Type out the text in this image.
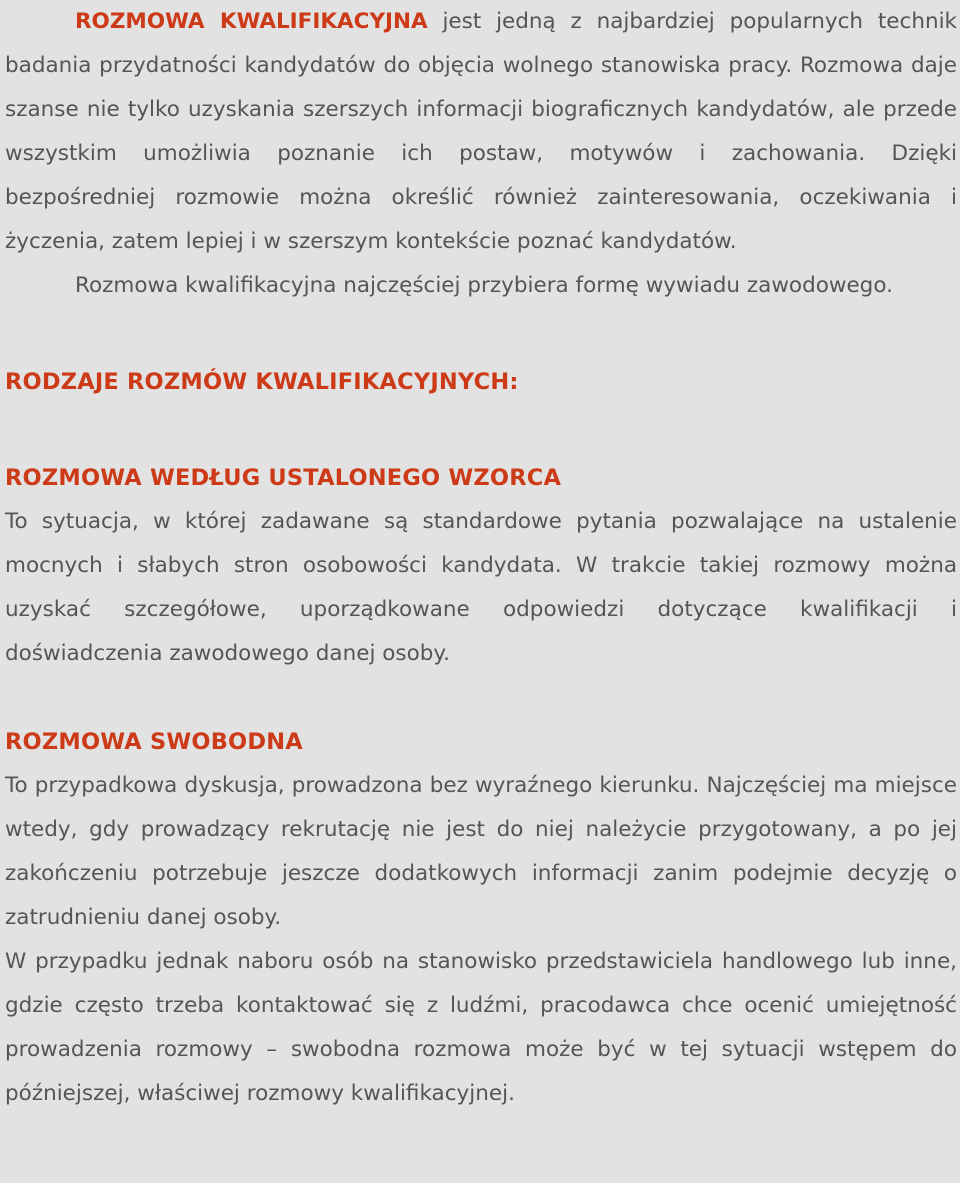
ROZMOWA KWALIFIKACYJNA jest jedną z najbardziej popularnych technik badania przydatności kandydatów do objęcia wolnego stanowiska pracy. Rozmowa daje szanse nie tylko uzyskania szerszych informacji biograficznych kandydatów, ale przede wszystkim umożliwia poznanie ich postaw, motywów i zachowania. Dzięki bezpośredniej rozmowie można określić również zainteresowania, oczekiwania i życzenia, zatem lepiej i w szerszym kontekście poznać kandydatów.

Rozmowa kwalifikacyjna najczęściej przybiera formę wywiadu zawodowego.

RODZAJE ROZMÓW KWALIFIKACYJNYCH:
ROZMOWA WEDŁUG USTALONEGO WZORCA

To sytuacja, w której zadawane są standardowe pytania pozwalające na ustalenie mocnych i słabych stron osobowości kandydata. W trakcie takiej rozmowy można uzyskać szczegółowe, uporządkowane odpowiedzi dotyczące kwalifikacji i doświadczenia zawodowego danej osoby.

ROZMOWA SWOBODNA

To przypadkowa dyskusja, prowadzona bez wyraźnego kierunku. Najczęściej ma miejsce wtedy, gdy prowadzący rekrutację nie jest do niej należycie przygotowany, a po jej zakończeniu potrzebuje jeszcze dodatkowych informacji zanim podejmie decyzję o zatrudnieniu danej osoby.

W przypadku jednak naboru osób na stanowisko przedstawiciela handlowego lub inne, gdzie często trzeba kontaktować się z ludźmi, pracodawca chce ocenić umiejętność prowadzenia rozmowy – swobodna rozmowa może być w tej sytuacji wstępem do późniejszej, właściwej rozmowy kwalifikacyjnej.
